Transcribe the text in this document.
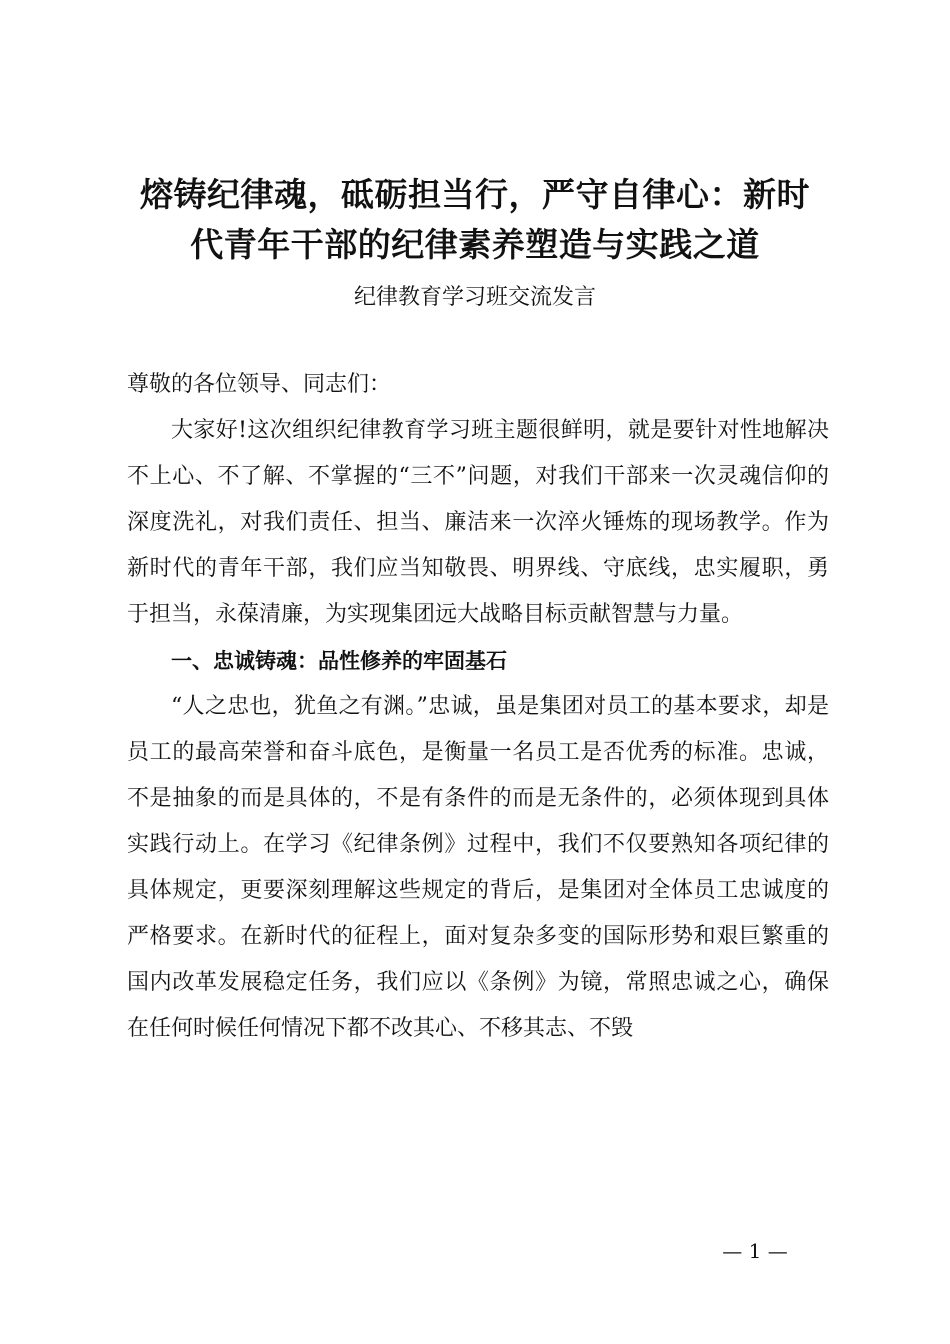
熔铸纪律魂，砥砺担当行，严守自律心：新时
代青年干部的纪律素养塑造与实践之道
纪律教育学习班交流发言

尊敬的各位领导、同志们：

大家好!这次组织纪律教育学习班主题很鲜明，就是要针对性地解决不上心、不了解、不掌握的“三不”问题，对我们干部来一次灵魂信仰的深度洗礼，对我们责任、担当、廉洁来一次淬火锤炼的现场教学。作为新时代的青年干部，我们应当知敬畏、明界线、守底线，忠实履职，勇于担当，永葆清廉，为实现集团远大战略目标贡献智慧与力量。

一、忠诚铸魂：品性修养的牢固基石

“人之忠也，犹鱼之有渊。”忠诚，虽是集团对员工的基本要求，却是员工的最高荣誉和奋斗底色，是衡量一名员工是否优秀的标准。忠诚，不是抽象的而是具体的，不是有条件的而是无条件的，必须体现到具体实践行动上。在学习《纪律条例》过程中，我们不仅要熟知各项纪律的具体规定，更要深刻理解这些规定的背后，是集团对全体员工忠诚度的严格要求。在新时代的征程上，面对复杂多变的国际形势和艰巨繁重的国内改革发展稳定任务，我们应以《条例》为镜，常照忠诚之心，确保在任何时候任何情况下都不改其心、不移其志、不毁

— 1 —
